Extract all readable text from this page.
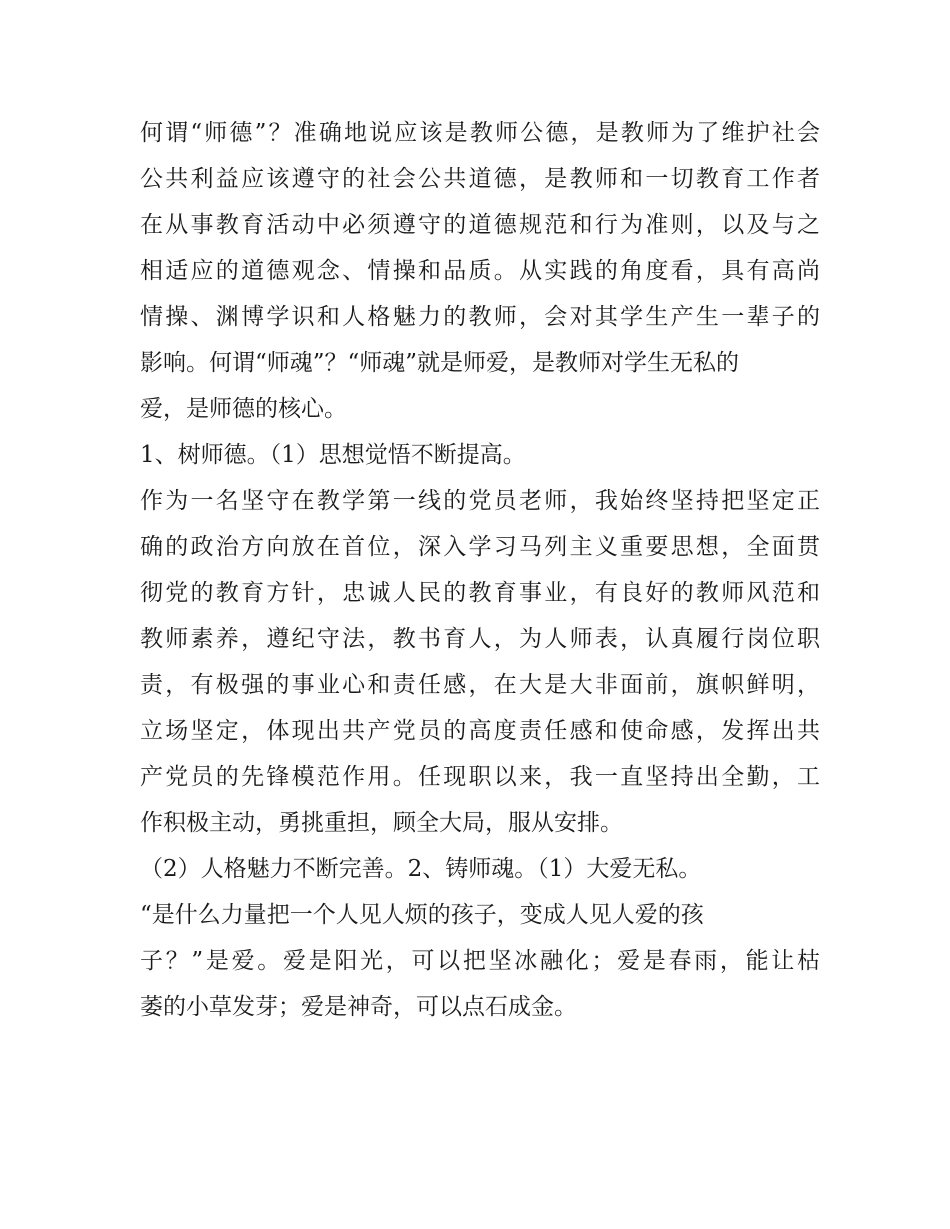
何谓“师德”？准确地说应该是教师公德，是教师为了维护社会
公共利益应该遵守的社会公共道德，是教师和一切教育工作者
在从事教育活动中必须遵守的道德规范和行为准则，以及与之
相适应的道德观念、情操和品质。从实践的角度看，具有高尚
情操、渊博学识和人格魅力的教师，会对其学生产生一辈子的
影响。何谓“师魂”？“师魂”就是师爱，是教师对学生无私的
爱，是师德的核心。
1、树师德。（1）思想觉悟不断提高。
作为一名坚守在教学第一线的党员老师，我始终坚持把坚定正
确的政治方向放在首位，深入学习马列主义重要思想，全面贯
彻党的教育方针，忠诚人民的教育事业，有良好的教师风范和
教师素养，遵纪守法，教书育人，为人师表，认真履行岗位职
责，有极强的事业心和责任感，在大是大非面前，旗帜鲜明，
立场坚定，体现出共产党员的高度责任感和使命感，发挥出共
产党员的先锋模范作用。任现职以来，我一直坚持出全勤，工
作积极主动，勇挑重担，顾全大局，服从安排。
（2）人格魅力不断完善。2、铸师魂。（1）大爱无私。
“是什么力量把一个人见人烦的孩子，变成人见人爱的孩
子？”是爱。爱是阳光，可以把坚冰融化；爱是春雨，能让枯
萎的小草发芽；爱是神奇，可以点石成金。
